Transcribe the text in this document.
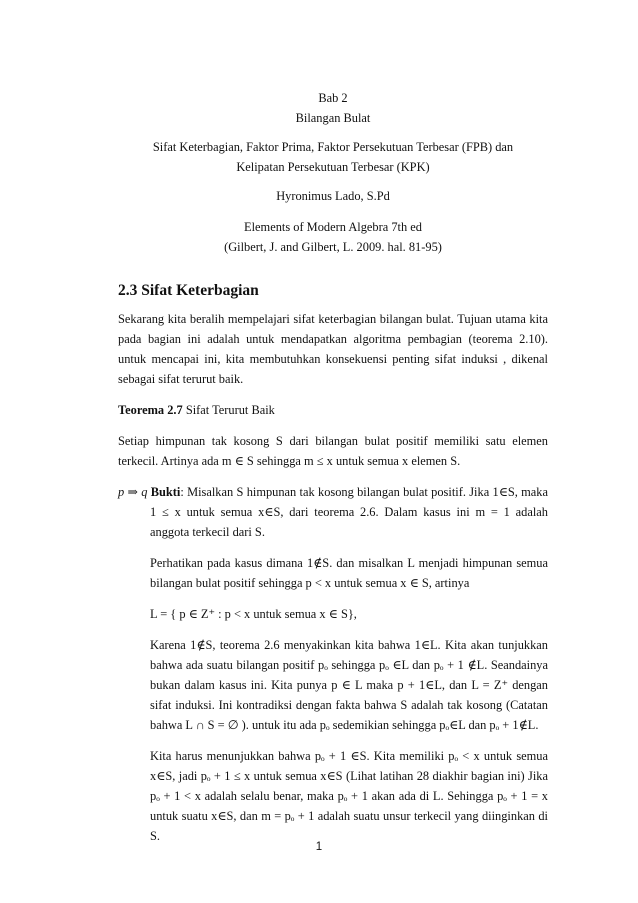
Bab 2
Bilangan Bulat
Sifat Keterbagian, Faktor Prima, Faktor Persekutuan Terbesar (FPB) dan
Kelipatan Persekutuan Terbesar (KPK)
Hyronimus Lado, S.Pd
Elements of Modern Algebra 7th ed
(Gilbert, J. and Gilbert, L. 2009. hal. 81-95)
2.3 Sifat Keterbagian

Sekarang kita beralih mempelajari sifat keterbagian bilangan bulat. Tujuan utama kita pada bagian ini adalah untuk mendapatkan algoritma pembagian (teorema 2.10). untuk mencapai ini, kita membutuhkan konsekuensi penting sifat induksi , dikenal sebagai sifat terurut baik.

Teorema 2.7 Sifat Terurut Baik

Setiap himpunan tak kosong S dari bilangan bulat positif memiliki satu elemen terkecil. Artinya ada m ∈ S sehingga m ≤ x untuk semua x elemen S.

p ⇒ q Bukti: Misalkan S himpunan tak kosong bilangan bulat positif. Jika 1∈S, maka 1 ≤ x untuk semua x∈S, dari teorema 2.6. Dalam kasus ini m = 1 adalah anggota terkecil dari S.

Perhatikan pada kasus dimana 1∉S. dan misalkan L menjadi himpunan semua bilangan bulat positif sehingga p < x untuk semua x ∈ S, artinya

L = { p ∈ Z⁺ : p < x untuk semua x ∈ S},

Karena 1∉S, teorema 2.6 menyakinkan kita bahwa 1∈L. Kita akan tunjukkan bahwa ada suatu bilangan positif pₒ sehingga pₒ ∈L dan pₒ + 1 ∉L. Seandainya bukan dalam kasus ini. Kita punya p ∈ L maka p + 1∈L, dan L = Z⁺ dengan sifat induksi. Ini kontradiksi dengan fakta bahwa S adalah tak kosong (Catatan bahwa L ∩ S = ∅ ). untuk itu ada pₒ sedemikian sehingga pₒ∈L dan pₒ + 1∉L.

Kita harus menunjukkan bahwa pₒ + 1 ∈S. Kita memiliki pₒ < x untuk semua x∈S, jadi pₒ + 1 ≤ x untuk semua x∈S (Lihat latihan 28 diakhir bagian ini) Jika pₒ + 1 < x adalah selalu benar, maka pₒ + 1 akan ada di L. Sehingga pₒ + 1 = x untuk suatu x∈S, dan m = pₒ + 1 adalah suatu unsur terkecil yang diinginkan di S.

1
